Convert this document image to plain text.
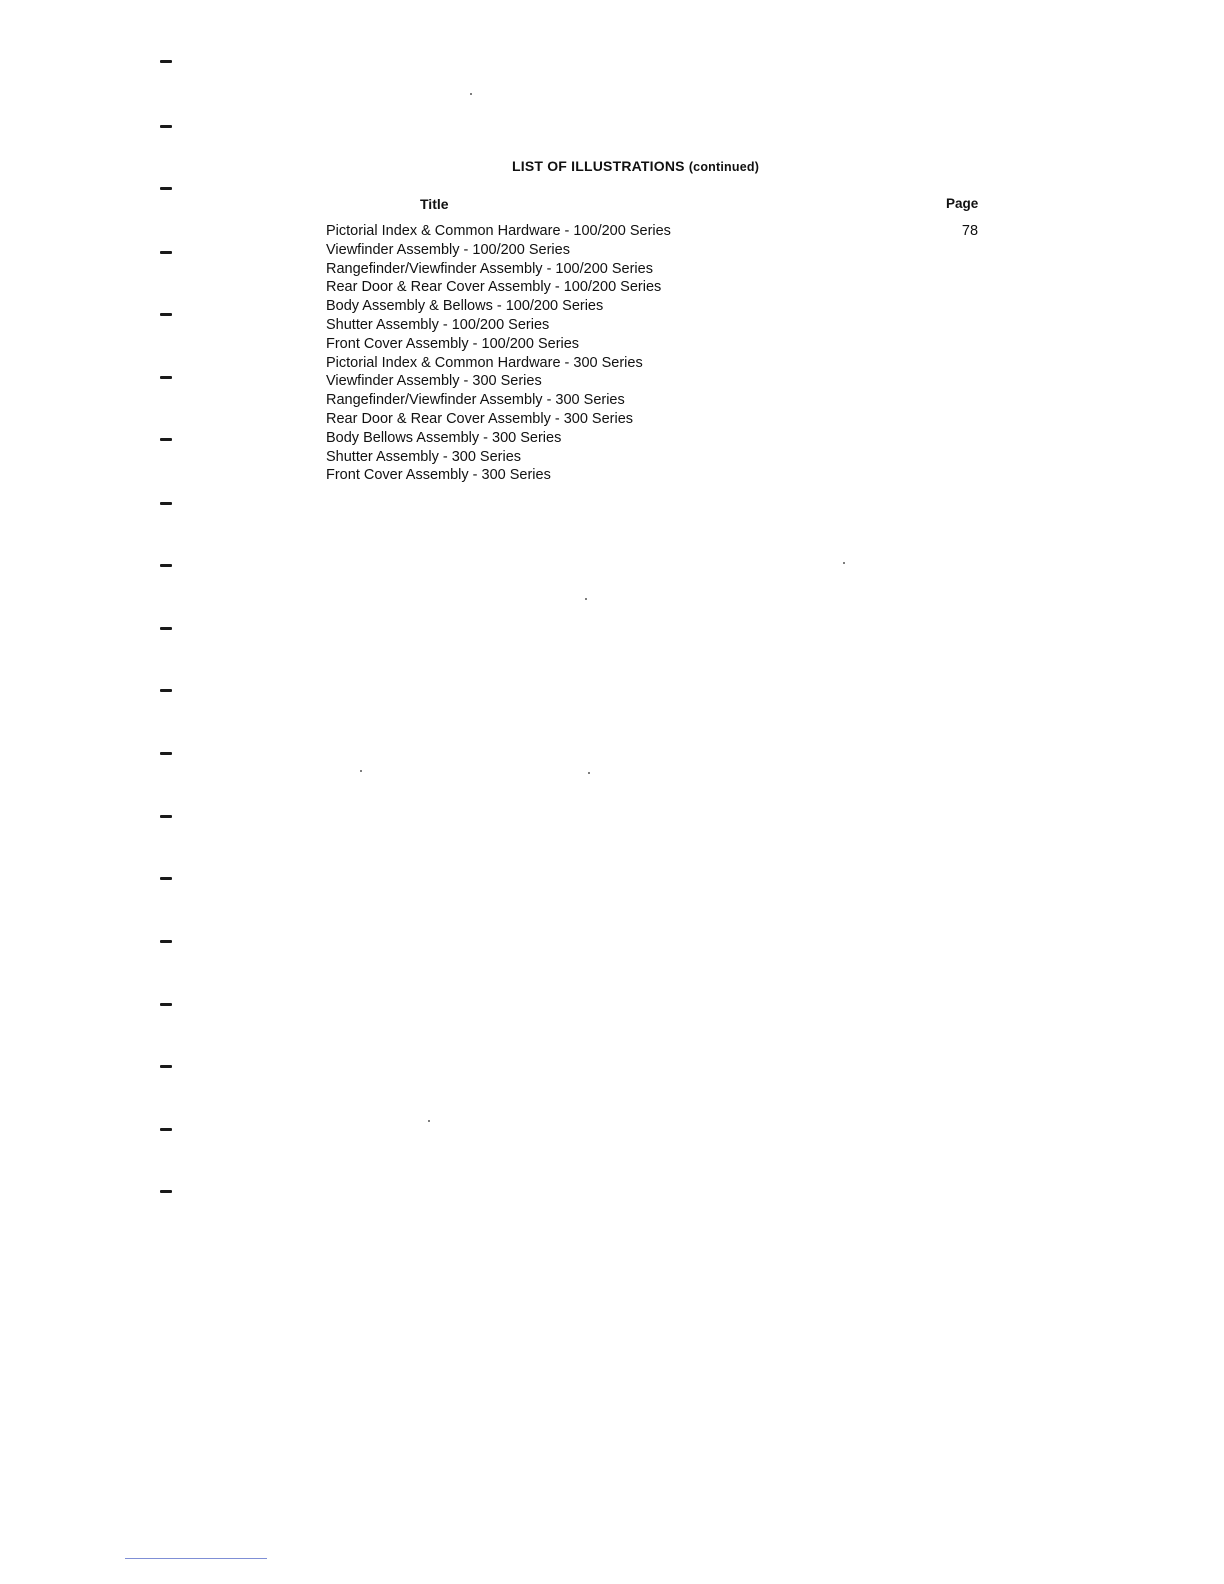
LIST OF ILLUSTRATIONS (continued)
Title	Page
Pictorial Index & Common Hardware - 100/200 Series	78
Viewfinder Assembly - 100/200 Series
Rangefinder/Viewfinder Assembly - 100/200 Series
Rear Door & Rear Cover Assembly - 100/200 Series
Body Assembly & Bellows - 100/200 Series
Shutter Assembly - 100/200 Series
Front Cover Assembly - 100/200 Series
Pictorial Index & Common Hardware - 300 Series
Viewfinder Assembly - 300 Series
Rangefinder/Viewfinder Assembly - 300 Series
Rear Door & Rear Cover Assembly - 300 Series
Body Bellows Assembly - 300 Series
Shutter Assembly - 300 Series
Front Cover Assembly - 300 Series
